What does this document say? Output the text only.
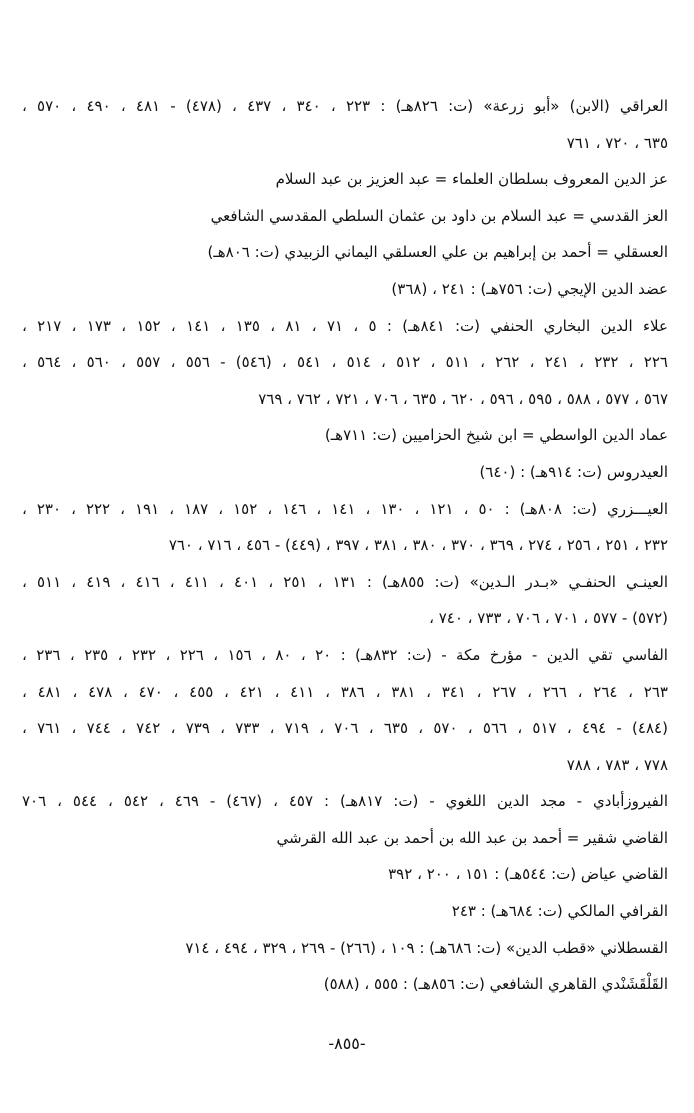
العراقي (الابن) «أبو زرعة» (ت: ٨٢٦هـ) : ٢٢٣ ، ٣٤٠ ، ٤٣٧ ، (٤٧٨) - ٤٨١ ، ٤٩٠ ، ٥٧٠ ،
٦٣٥ ، ٧٢٠ ، ٧٦١
عز الدين المعروف بسلطان العلماء = عبد العزيز بن عبد السلام
العز القدسي = عبد السلام بن داود بن عثمان السلطي المقدسي الشافعي
العسقلي = أحمد بن إبراهيم بن علي العسلقي اليماني الزبيدي (ت: ٨٠٦هـ)
عضد الدين الإيجي (ت: ٧٥٦هـ) : ٢٤١ ، (٣٦٨)
علاء الدين البخاري الحنفي (ت: ٨٤١هـ) : ٥ ، ٧١ ، ٨١ ، ١٣٥ ، ١٤١ ، ١٥٢ ، ١٧٣ ، ٢١٧ ،
٢٢٦ ، ٢٣٢ ، ٢٤١ ، ٢٦٢ ، ٥١١ ، ٥١٢ ، ٥١٤ ، ٥٤١ ، (٥٤٦) - ٥٥٦ ، ٥٥٧ ، ٥٦٠ ، ٥٦٤ ،
٥٦٧ ، ٥٧٧ ، ٥٨٨ ، ٥٩٥ ، ٥٩٦ ، ٦٢٠ ، ٦٣٥ ، ٧٠٦ ، ٧٢١ ، ٧٦٢ ، ٧٦٩
عماد الدين الواسطي = ابن شيخ الحزاميين (ت: ٧١١هـ)
العيدروس (ت: ٩١٤هـ) : (٦٤٠)
العيـــزري (ت: ٨٠٨هـ) : ٥٠ ، ١٢١ ، ١٣٠ ، ١٤١ ، ١٤٦ ، ١٥٢ ، ١٨٧ ، ١٩١ ، ٢٢٢ ، ٢٣٠ ،
٢٣٢ ، ٢٥١ ، ٢٥٦ ، ٢٧٤ ، ٣٦٩ ، ٣٧٠ ، ٣٨٠ ، ٣٨١ ، ٣٩٧ ، (٤٤٩) - ٤٥٦ ، ٧١٦ ، ٧٦٠
العينـي الحنفـي «بـدر الـدين» (ت: ٨٥٥هـ) : ١٣١ ، ٢٥١ ، ٤٠١ ، ٤١١ ، ٤١٦ ، ٤١٩ ، ٥١١ ،
(٥٧٢) - ٥٧٧ ، ٧٠١ ، ٧٠٦ ، ٧٣٣ ، ٧٤٠ ،
الفاسي تقي الدين - مؤرخ مكة - (ت: ٨٣٢هـ) : ٢٠ ، ٨٠ ، ١٥٦ ، ٢٢٦ ، ٢٣٢ ، ٢٣٥ ، ٢٣٦ ،
٢٦٣ ، ٢٦٤ ، ٢٦٦ ، ٢٦٧ ، ٣٤١ ، ٣٨١ ، ٣٨٦ ، ٤١١ ، ٤٢١ ، ٤٥٥ ، ٤٧٠ ، ٤٧٨ ، ٤٨١ ،
(٤٨٤) - ٤٩٤ ، ٥١٧ ، ٥٦٦ ، ٥٧٠ ، ٦٣٥ ، ٧٠٦ ، ٧١٩ ، ٧٣٣ ، ٧٣٩ ، ٧٤٢ ، ٧٤٤ ، ٧٦١ ،
٧٧٨ ، ٧٨٣ ، ٧٨٨
الفيروزأبادي - مجد الدين اللغوي - (ت: ٨١٧هـ) : ٤٥٧ ، (٤٦٧) - ٤٦٩ ، ٥٤٢ ، ٥٤٤ ، ٧٠٦
القاضي شقير = أحمد بن عبد الله بن أحمد بن عبد الله القرشي
القاضي عياض (ت: ٥٤٤هـ) : ١٥١ ، ٢٠٠ ، ٣٩٢
القرافي المالكي (ت: ٦٨٤هـ) : ٢٤٣
القسطلاني «قطب الدين» (ت: ٦٨٦هـ) : ١٠٩ ، (٢٦٦) - ٢٦٩ ، ٣٢٩ ، ٤٩٤ ، ٧١٤
القَلْقَشَنْدي القاهري الشافعي (ت: ٨٥٦هـ) : ٥٥٥ ، (٥٨٨)
-٨٥٥-
